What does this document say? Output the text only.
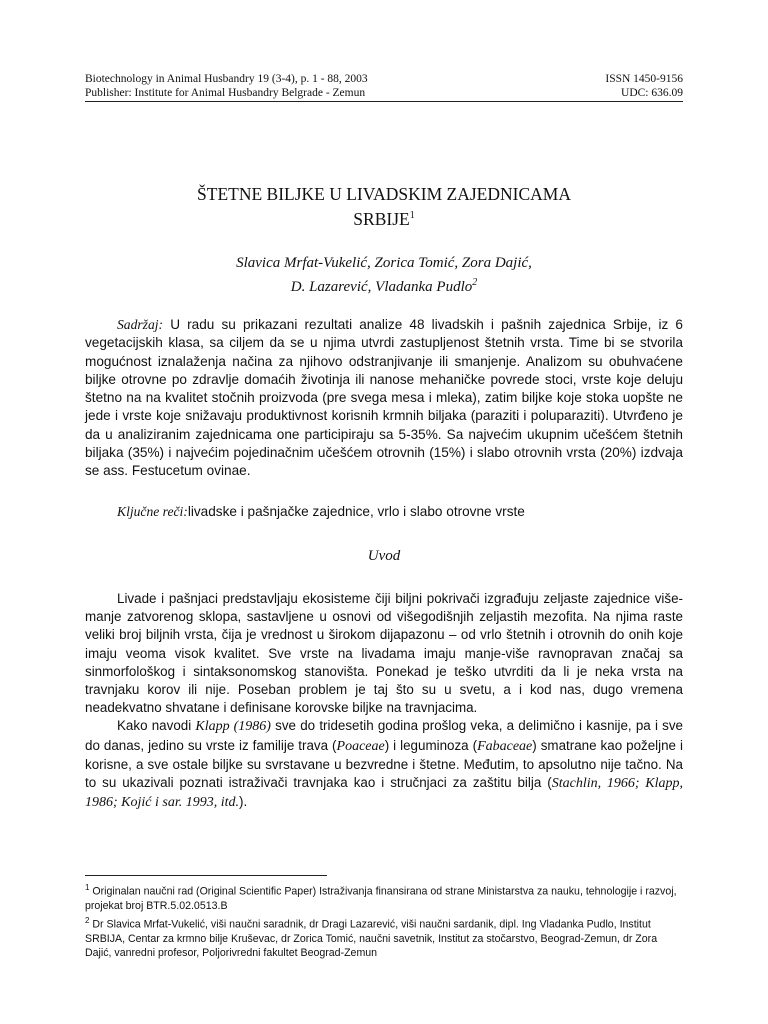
Biotechnology in Animal Husbandry 19 (3-4), p. 1 - 88, 2003
Publisher: Institute for Animal Husbandry Belgrade - Zemun
ISSN 1450-9156
UDC: 636.09
ŠTETNE BILJKE U LIVADSKIM ZAJEDNICAMA
SRBIJE$^1$
Slavica Mrfat-Vukelić, Zorica Tomić, Zora Dajić,
D. Lazarević, Vladanka Pudlo$^2$
Sadržaj: U radu su prikazani rezultati analize 48 livadskih i pašnih zajednica Srbije, iz 6 vegetacijskih klasa, sa ciljem da se u njima utvrdi zastupljenost štetnih vrsta. Time bi se stvorila mogućnost iznalaženja načina za njihovo odstranjivanje ili smanjenje. Analizom su obuhvaćene biljke otrovne po zdravlje domaćih životinja ili nanose mehaničke povrede stoci, vrste koje deluju štetno na na kvalitet stočnih proizvoda (pre svega mesa i mleka), zatim biljke koje stoka uopšte ne jede i vrste koje snižavaju produktivnost korisnih krmnih biljaka (paraziti i poluparaziti). Utvrđeno je da u analiziranim zajednicama one participiraju sa 5-35%. Sa najvećim ukupnim učešćem štetnih biljaka (35%) i najvećim pojedinačnim učešćem otrovnih (15%) i slabo otrovnih vrsta (20%) izdvaja se ass. Festucetum ovinae.
Ključne reči:livadske i pašnjačke zajednice, vrlo i slabo otrovne vrste
Uvod

Livade i pašnjaci predstavljaju ekosisteme čiji biljni pokrivači izgrađuju zeljaste zajednice više-manje zatvorenog sklopa, sastavljene u osnovi od višegodišnjih zeljastih mezofita. Na njima raste veliki broj biljnih vrsta, čija je vrednost u širokom dijapazonu – od vrlo štetnih i otrovnih do onih koje imaju veoma visok kvalitet. Sve vrste na livadama imaju manje-više ravnopravan značaj sa sinmorfološkog i sintaksonomskog stanovišta. Ponekad je teško utvrditi da li je neka vrsta na travnjaku korov ili nije. Poseban problem je taj što su u svetu, a i kod nas, dugo vremena neadekvatno shvatane i definisane korovske biljke na travnjacima.

Kako navodi Klapp (1986) sve do tridesetih godina prošlog veka, a delimično i kasnije, pa i sve do danas, jedino su vrste iz familije trava (Poaceae) i leguminoza (Fabaceae) smatrane kao poželjne i korisne, a sve ostale biljke su svrstavane u bezvredne i štetne. Međutim, to apsolutno nije tačno. Na to su ukazivali poznati istraživači travnjaka kao i stručnjaci za zaštitu bilja (Stachlin, 1966; Klapp, 1986; Kojić i sar. 1993, itd.).

$^1$ Originalan naučni rad (Original Scientific Paper) Istraživanja finansirana od strane Ministarstva za nauku, tehnologije i razvoj, projekat broj BTR.5.02.0513.B

$^2$ Dr Slavica Mrfat-Vukelić, viši naučni saradnik, dr Dragi Lazarević, viši naučni sardanik, dipl. Ing Vladanka Pudlo, Institut SRBIJA, Centar za krmno bilje Kruševac, dr Zorica Tomić, naučni savetnik, Institut za stočarstvo, Beograd-Zemun, dr Zora Dajić, vanredni profesor, Poljorivredni fakultet Beograd-Zemun
